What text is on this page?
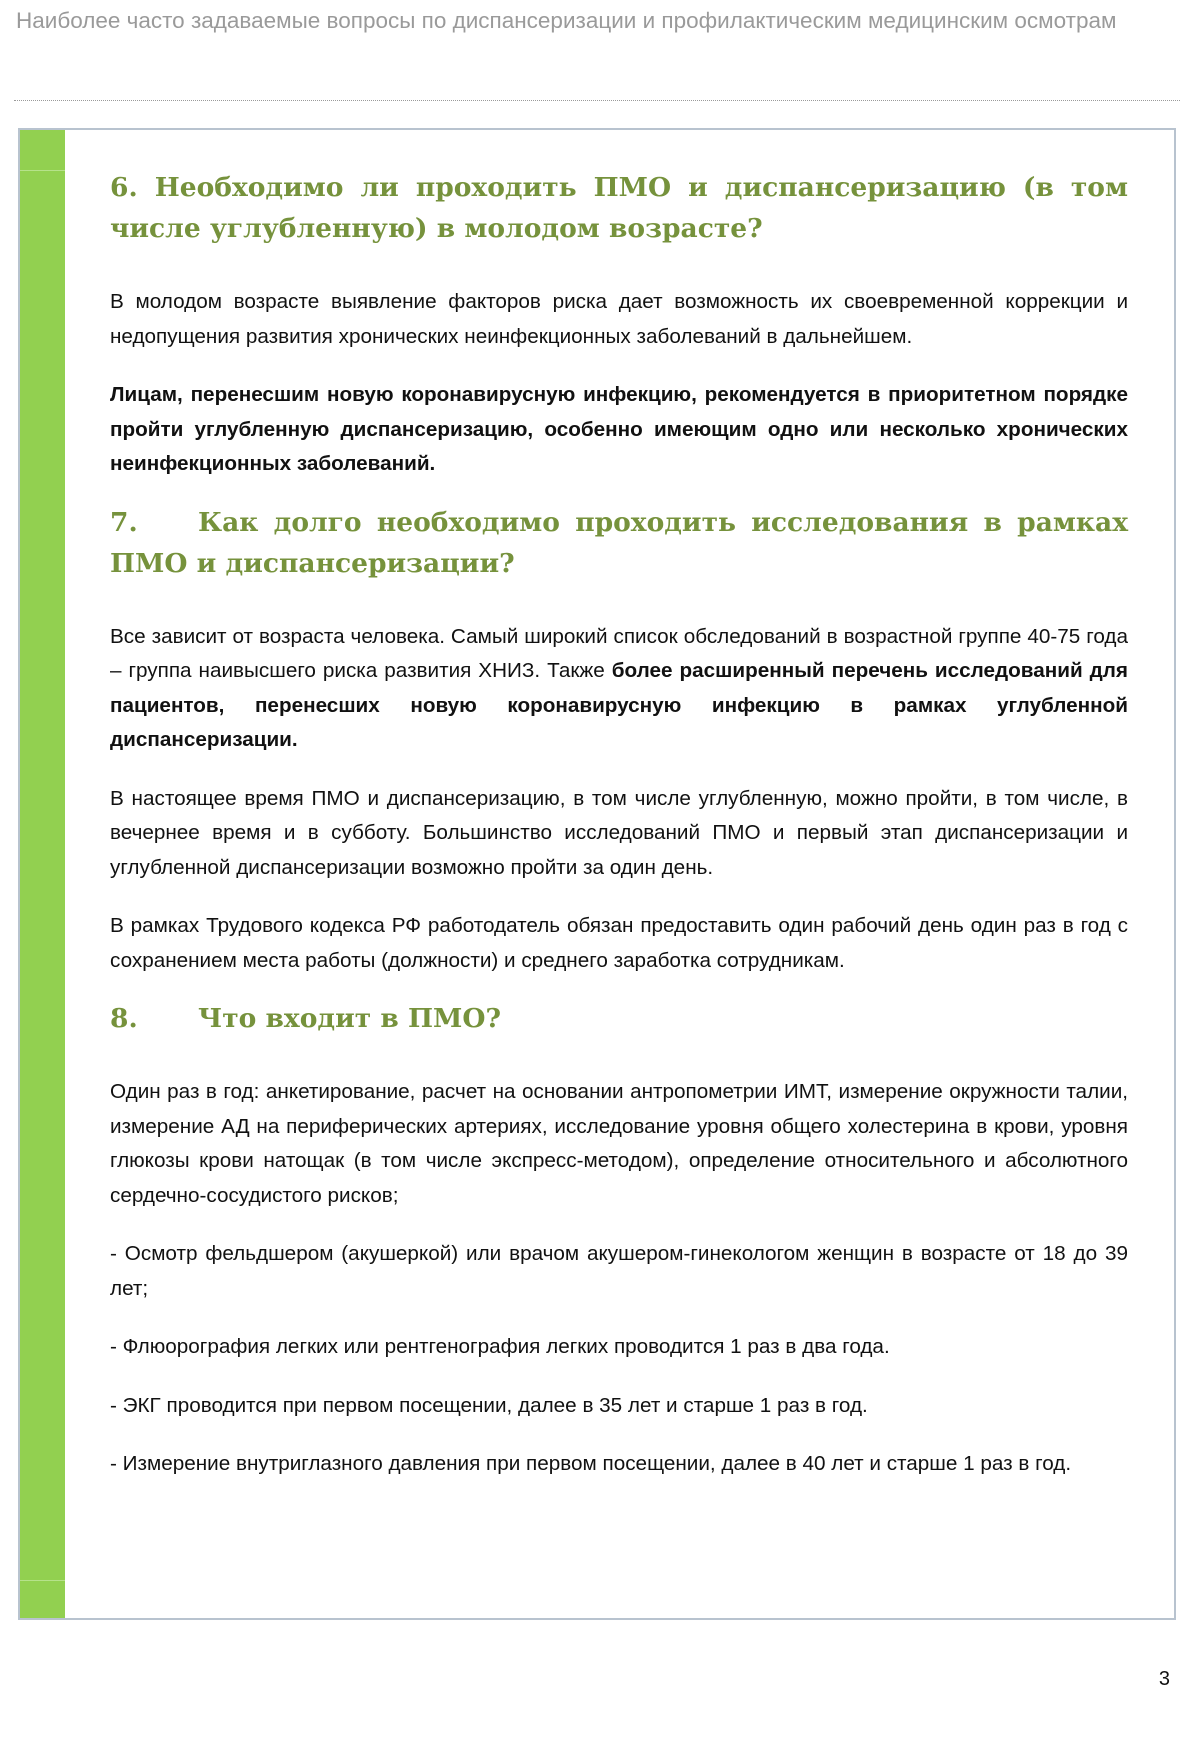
Наиболее часто задаваемые вопросы по диспансеризации и профилактическим медицинским осмотрам
6. Необходимо ли проходить ПМО и диспансеризацию (в том числе углубленную) в молодом возрасте?

В молодом возрасте выявление факторов риска дает возможность их своевременной коррекции и недопущения развития хронических неинфекционных заболеваний в дальнейшем.

Лицам, перенесшим новую коронавирусную инфекцию, рекомендуется в приоритетном порядке пройти углубленную диспансеризацию, особенно имеющим одно или несколько хронических неинфекционных заболеваний.

7. Как долго необходимо проходить исследования в рамках ПМО и диспансеризации?

Все зависит от возраста человека. Самый широкий список обследований в возрастной группе 40-75 года – группа наивысшего риска развития ХНИЗ. Также более расширенный перечень исследований для пациентов, перенесших новую коронавирусную инфекцию в рамках углубленной диспансеризации.

В настоящее время ПМО и диспансеризацию, в том числе углубленную, можно пройти, в том числе, в вечернее время и в субботу. Большинство исследований ПМО и первый этап диспансеризации и углубленной диспансеризации возможно пройти за один день.

В рамках Трудового кодекса РФ работодатель обязан предоставить один рабочий день один раз в год с сохранением места работы (должности) и среднего заработка сотрудникам.

8. Что входит в ПМО?

Один раз в год: анкетирование, расчет на основании антропометрии ИМТ, измерение окружности талии, измерение АД на периферических артериях, исследование уровня общего холестерина в крови, уровня глюкозы крови натощак (в том числе экспресс-методом), определение относительного и абсолютного сердечно-сосудистого рисков;

- Осмотр фельдшером (акушеркой) или врачом акушером-гинекологом женщин в возрасте от 18 до 39 лет;

- Флюорография легких или рентгенография легких проводится 1 раз в два года.

- ЭКГ проводится при первом посещении, далее в 35 лет и старше 1 раз в год.

- Измерение внутриглазного давления при первом посещении, далее в 40 лет и старше 1 раз в год.

3
